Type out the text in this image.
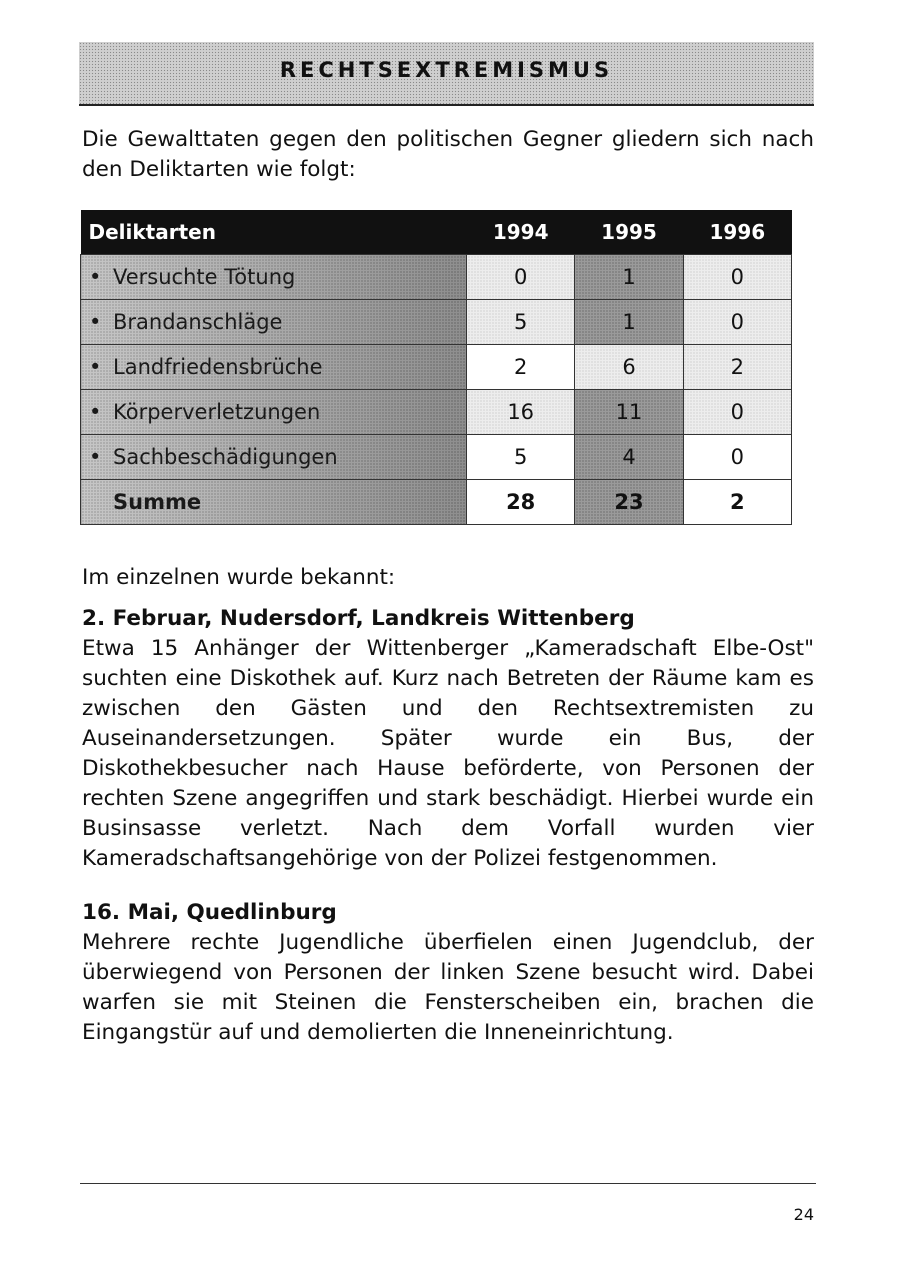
RECHTSEXTREMISMUS
Die Gewalttaten gegen den politischen Gegner gliedern sich nach den Deliktarten wie folgt:
Deliktarten	1994	1995	1996
• Versuchte Tötung	0	1	0
• Brandanschläge	5	1	0
• Landfriedensbrüche	2	6	2
• Körperverletzungen	16	11	0
• Sachbeschädigungen	5	4	0
Summe	28	23	2
Im einzelnen wurde bekannt:
2. Februar, Nudersdorf, Landkreis Wittenberg
Etwa 15 Anhänger der Wittenberger „Kameradschaft Elbe-Ost" suchten eine Diskothek auf. Kurz nach Betreten der Räume kam es zwischen den Gästen und den Rechtsextremisten zu Auseinandersetzungen. Später wurde ein Bus, der Diskothekbesucher nach Hause beförderte, von Personen der rechten Szene angegriffen und stark beschädigt. Hierbei wurde ein Businsasse verletzt. Nach dem Vorfall wurden vier Kameradschaftsangehörige von der Polizei festgenommen.
16. Mai, Quedlinburg
Mehrere rechte Jugendliche überfielen einen Jugendclub, der überwiegend von Personen der linken Szene besucht wird. Dabei warfen sie mit Steinen die Fensterscheiben ein, brachen die Eingangstür auf und demolierten die Inneneinrichtung.
24
